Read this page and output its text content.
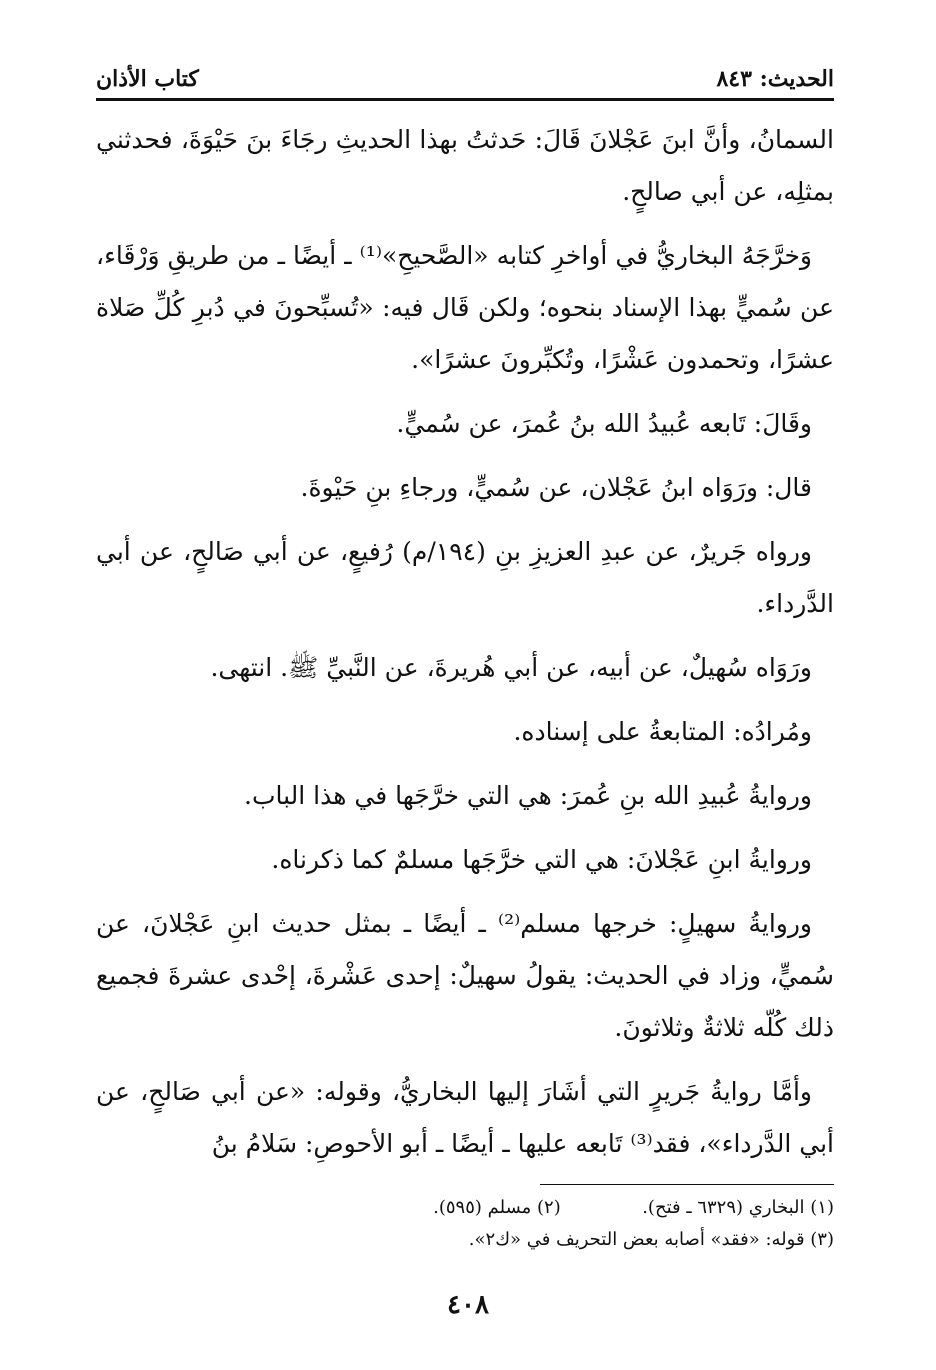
الحديث: ٨٤٣
كتاب الأذان

السمانُ، وأنَّ ابنَ عَجْلانَ قَالَ: حَدثتُ بهذا الحديثِ رجَاءَ بنَ حَيْوَةَ، فحدثني بمثلِه، عن أبي صالحٍ.

وَخرَّجَهُ البخاريُّ في أواخرِ كتابه «الصَّحيحِ»⁽¹⁾ ـ أيضًا ـ من طريقِ وَرْقَاء، عن سُميٍّ بهذا الإسناد بنحوه؛ ولكن قَال فيه: «تُسبِّحونَ في دُبرِ كُلِّ صَلاة عشرًا، وتحمدون عَشْرًا، وتُكبِّرونَ عشرًا».

وقَالَ: تَابعه عُبيدُ الله بنُ عُمرَ، عن سُميٍّ.

قال: ورَوَاه ابنُ عَجْلان، عن سُميٍّ، ورجاءِ بنِ حَيْوةَ.

ورواه جَريرٌ، عن عبدِ العزيزِ بنِ (١٩٤/م) رُفيعٍ، عن أبي صَالحٍ، عن أبي الدَّرداء.

ورَوَاه سُهيلٌ، عن أبيه، عن أبي هُريرةَ، عن النَّبيِّ ﷺ. انتهى.

ومُرادُه: المتابعةُ على إسناده.

وروايةُ عُبيدِ الله بنِ عُمرَ: هي التي خرَّجَها في هذا الباب.

وروايةُ ابنِ عَجْلانَ: هي التي خرَّجَها مسلمٌ كما ذكرناه.

وروايةُ سهيلٍ: خرجها مسلم⁽²⁾ ـ أيضًا ـ بمثل حديث ابنِ عَجْلانَ، عن سُميٍّ، وزاد في الحديث: يقولُ سهيلٌ: إحدى عَشْرةَ، إحْدى عشرةَ فجميع ذلك كُلّه ثلاثةٌ وثلاثونَ.

وأمَّا روايةُ جَريرٍ التي أشَارَ إليها البخاريُّ، وقوله: «عن أبي صَالحٍ، عن أبي الدَّرداء»، فقد⁽³⁾ تَابعه عليها ـ أيضًا ـ أبو الأحوصِ: سَلامُ بنُ

(١) البخاري (٦٣٢٩ ـ فتح).  (٢) مسلم (٥٩٥).
(٣) قوله: «فقد» أصابه بعض التحريف في «ك٢».
٤٠٨
